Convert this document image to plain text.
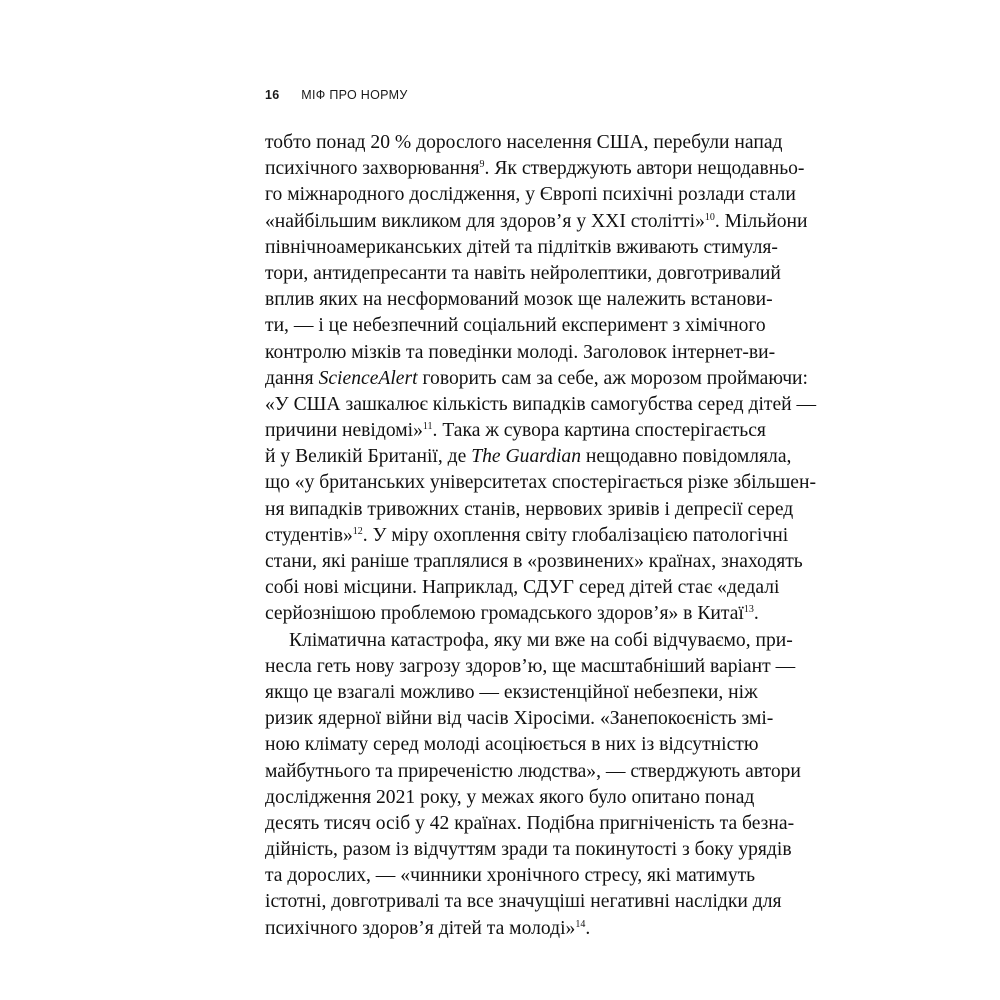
16 МІФ ПРО НОРМУ
тобто понад 20 % дорослого населення США, перебули напад
психічного захворювання$^9$. Як стверджують автори нещодавньо-
го міжнародного дослідження, у Європі психічні розлади стали
«найбільшим викликом для здоров’я у XXI столітті»$^{10}$. Мільйони
північноамериканських дітей та підлітків вживають стимуля-
тори, антидепресанти та навіть нейролептики, довготривалий
вплив яких на несформований мозок ще належить встанови-
ти, — і це небезпечний соціальний експеримент з хімічного
контролю мізків та поведінки молоді. Заголовок інтернет-ви-
дання ScienceAlert говорить сам за себе, аж морозом проймаючи:
«У США зашкалює кількість випадків самогубства серед дітей —
причини невідомі»$^{11}$. Така ж сувора картина спостерігається
й у Великій Британії, де The Guardian нещодавно повідомляла,
що «у британських університетах спостерігається різке збільшен-
ня випадків тривожних станів, нервових зривів і депресії серед
студентів»$^{12}$. У міру охоплення світу глобалізацією патологічні
стани, які раніше траплялися в «розвинених» країнах, знаходять
собі нові місцини. Наприклад, СДУГ серед дітей стає «дедалі
серйознішою проблемою громадського здоров’я» в Китаї$^{13}$.
Кліматична катастрофа, яку ми вже на собі відчуваємо, при-
несла геть нову загрозу здоров’ю, ще масштабніший варіант —
якщо це взагалі можливо — екзистенційної небезпеки, ніж
ризик ядерної війни від часів Хіросіми. «Занепокоєність змі-
ною клімату серед молоді асоціюється в них із відсутністю
майбутнього та приреченістю людства», — стверджують автори
дослідження 2021 року, у межах якого було опитано понад
десять тисяч осіб у 42 країнах. Подібна пригніченість та безна-
дійність, разом із відчуттям зради та покинутості з боку урядів
та дорослих, — «чинники хронічного стресу, які матимуть
істотні, довготривалі та все значущіші негативні наслідки для
психічного здоров’я дітей та молоді»$^{14}$.
